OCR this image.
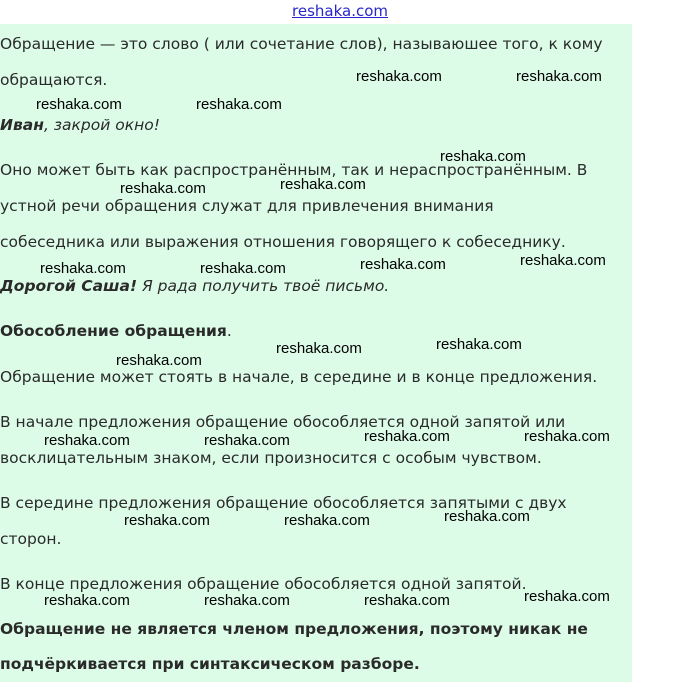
reshaka.com
Обращение — это слово ( или сочетание слов), называюшее того, к кому
обращаются.
Иван, закрой окно!
Оно может быть как распространённым, так и нераспространённым. В
устной речи обращения служат для привлечения внимания
собеседника или выражения отношения говорящего к собеседнику.
Дорогой Саша! Я рада получить твоё письмо.
Обособление обращения.
Обращение может стоять в начале, в середине и в конце предложения.
В начале предложения обращение обособляется одной запятой или
восклицательным знаком, если произносится с особым чувством.
В середине предложения обращение обособляется запятыми с двух
сторон.
В конце предложения обращение обособляется одной запятой.
Обращение не является членом предложения, поэтому никак не
подчёркивается при синтаксическом разборе.
reshaka.com	reshaka.com
reshaka.com	reshaka.com
reshaka.com
reshaka.com	reshaka.com
reshaka.com	reshaka.com	reshaka.com	reshaka.com
reshaka.com	reshaka.com
reshaka.com
reshaka.com	reshaka.com	reshaka.com	reshaka.com
reshaka.com	reshaka.com	reshaka.com
reshaka.com	reshaka.com	reshaka.com	reshaka.com
